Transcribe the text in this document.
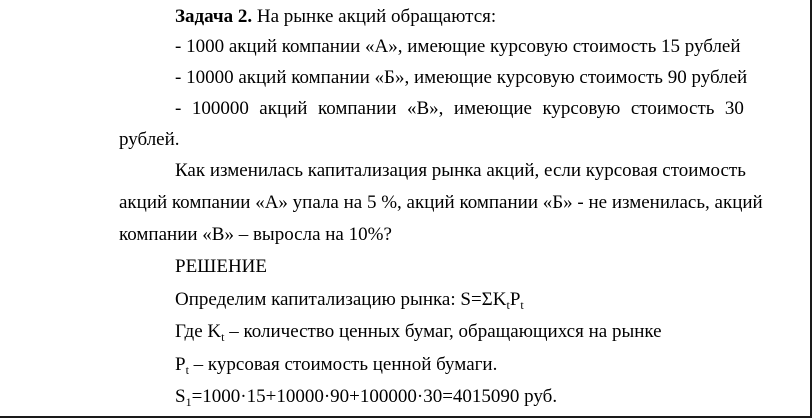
Задача 2. На рынке акций обращаются:
- 1000 акций компании «А», имеющие курсовую стоимость 15 рублей
- 10000 акций компании «Б», имеющие курсовую стоимость 90 рублей
- 100000 акций компании «В», имеющие курсовую стоимость 30
рублей.
Как изменилась капитализация рынка акций, если курсовая стоимость
акций компании «А» упала на 5 %, акций компании «Б» - не изменилась, акций
компании «В» – выросла на 10%?
РЕШЕНИЕ
Определим капитализацию рынка: $S=\Sigma K_tP_t$
Где $K_t$ – количество ценных бумаг, обращающихся на рынке
$P_t$ – курсовая стоимость ценной бумаги.
$S_1=1000\cdot 15+10000\cdot 90+100000\cdot 30=4015090$ руб.
